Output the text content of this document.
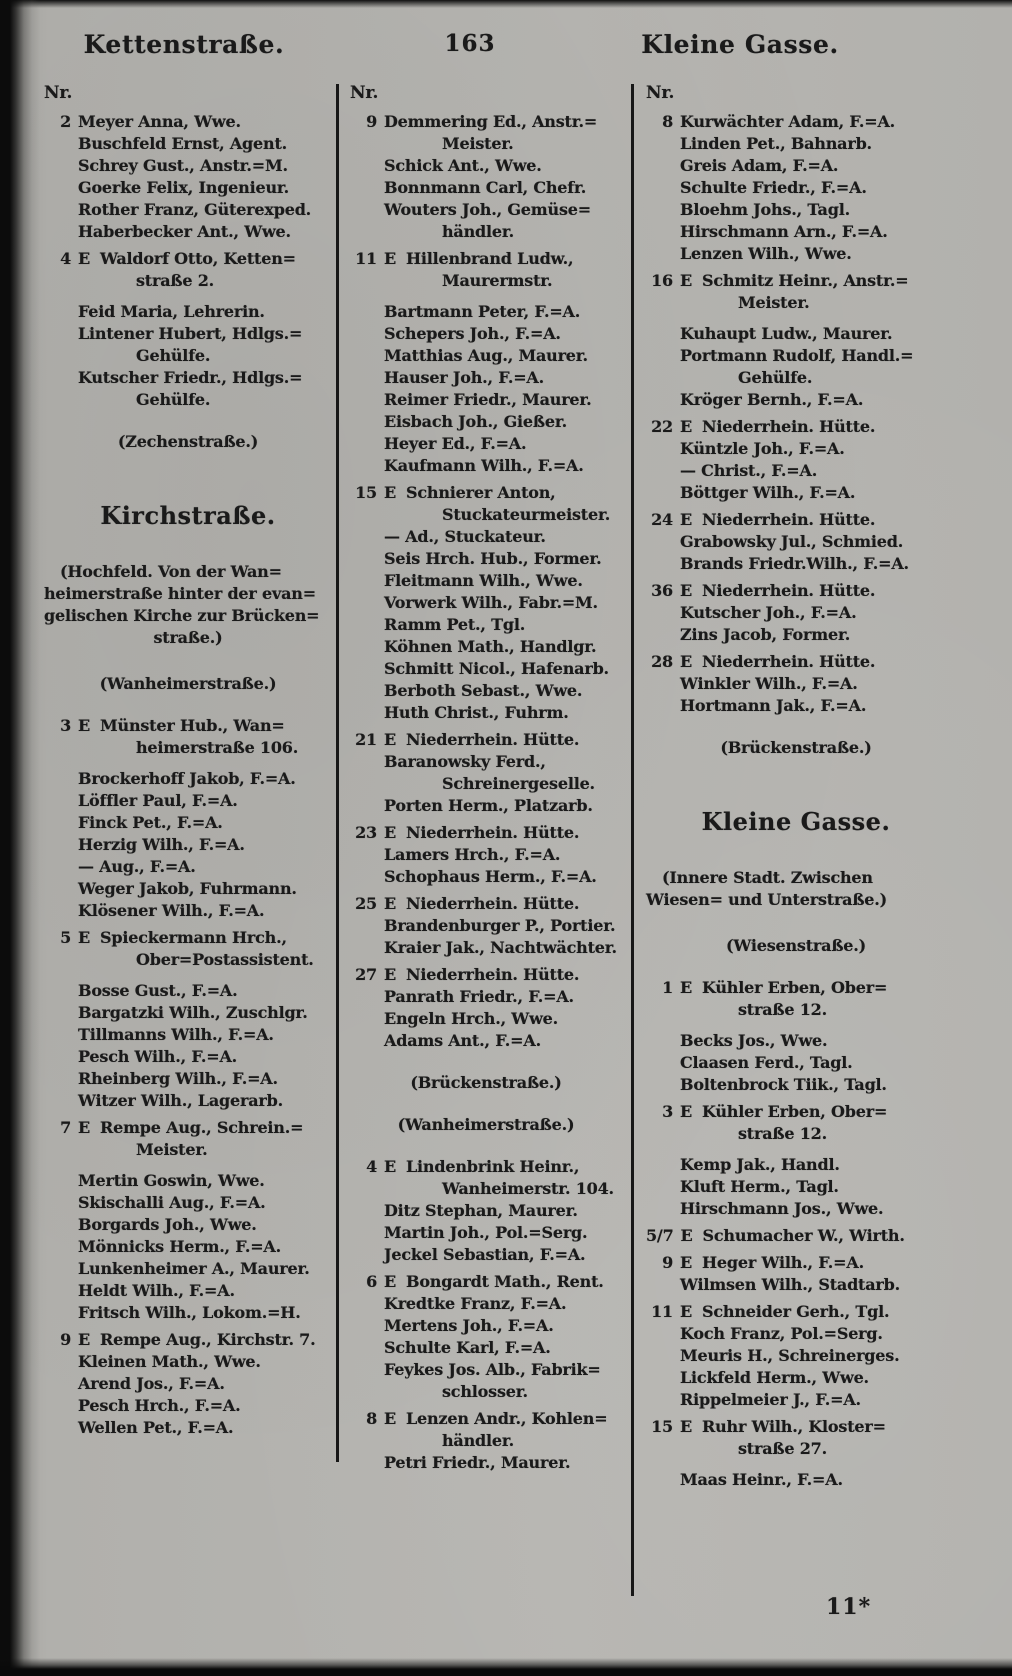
Kettenstraße.	163	Kleine Gasse.
Nr.
2 Meyer Anna, Wwe.
Buschfeld Ernst, Agent.
Schrey Gust., Anstr.=M.
Goerke Felix, Ingenieur.
Rother Franz, Güterexped.
Haberbecker Ant., Wwe.
4 E Waldorf Otto, Ketten=
straße 2.
Feid Maria, Lehrerin.
Lintener Hubert, Hdlgs.=
Gehülfe.
Kutscher Friedr., Hdlgs.=
Gehülfe.
(Zechenstraße.)
Kirchstraße.
(Hochfeld. Von der Wan=
heimerstraße hinter der evan=
gelischen Kirche zur Brücken=
straße.)
(Wanheimerstraße.)
3 E Münster Hub., Wan=
heimerstraße 106.
Brockerhoff Jakob, F.=A.
Löffler Paul, F.=A.
Finck Pet., F.=A.
Herzig Wilh., F.=A.
— Aug., F.=A.
Weger Jakob, Fuhrmann.
Klösener Wilh., F.=A.
5 E Spieckermann Hrch.,
Ober=Postassistent.
Bosse Gust., F.=A.
Bargatzki Wilh., Zuschlgr.
Tillmanns Wilh., F.=A.
Pesch Wilh., F.=A.
Rheinberg Wilh., F.=A.
Witzer Wilh., Lagerarb.
7 E Rempe Aug., Schrein.=
Meister.
Mertin Goswin, Wwe.
Skischalli Aug., F.=A.
Borgards Joh., Wwe.
Mönnicks Herm., F.=A.
Lunkenheimer A., Maurer.
Heldt Wilh., F.=A.
Fritsch Wilh., Lokom.=H.
9 E Rempe Aug., Kirchstr. 7.
Kleinen Math., Wwe.
Arend Jos., F.=A.
Pesch Hrch., F.=A.
Wellen Pet., F.=A.
Nr.
9 Demmering Ed., Anstr.=
Meister.
Schick Ant., Wwe.
Bonnmann Carl, Chefr.
Wouters Joh., Gemüse=
händler.
11 E Hillenbrand Ludw.,
Maurermstr.
Bartmann Peter, F.=A.
Schepers Joh., F.=A.
Matthias Aug., Maurer.
Hauser Joh., F.=A.
Reimer Friedr., Maurer.
Eisbach Joh., Gießer.
Heyer Ed., F.=A.
Kaufmann Wilh., F.=A.
15 E Schnierer Anton,
Stuckateurmeister.
— Ad., Stuckateur.
Seis Hrch. Hub., Former.
Fleitmann Wilh., Wwe.
Vorwerk Wilh., Fabr.=M.
Ramm Pet., Tgl.
Köhnen Math., Handlgr.
Schmitt Nicol., Hafenarb.
Berboth Sebast., Wwe.
Huth Christ., Fuhrm.
21 E Niederrhein. Hütte.
Baranowsky Ferd.,
Schreinergeselle.
Porten Herm., Platzarb.
23 E Niederrhein. Hütte.
Lamers Hrch., F.=A.
Schophaus Herm., F.=A.
25 E Niederrhein. Hütte.
Brandenburger P., Portier.
Kraier Jak., Nachtwächter.
27 E Niederrhein. Hütte.
Panrath Friedr., F.=A.
Engeln Hrch., Wwe.
Adams Ant., F.=A.
(Brückenstraße.)
(Wanheimerstraße.)
4 E Lindenbrink Heinr.,
Wanheimerstr. 104.
Ditz Stephan, Maurer.
Martin Joh., Pol.=Serg.
Jeckel Sebastian, F.=A.
6 E Bongardt Math., Rent.
Kredtke Franz, F.=A.
Mertens Joh., F.=A.
Schulte Karl, F.=A.
Feykes Jos. Alb., Fabrik=
schlosser.
8 E Lenzen Andr., Kohlen=
händler.
Petri Friedr., Maurer.
Nr.
8 Kurwächter Adam, F.=A.
Linden Pet., Bahnarb.
Greis Adam, F.=A.
Schulte Friedr., F.=A.
Bloehm Johs., Tagl.
Hirschmann Arn., F.=A.
Lenzen Wilh., Wwe.
16 E Schmitz Heinr., Anstr.=
Meister.
Kuhaupt Ludw., Maurer.
Portmann Rudolf, Handl.=
Gehülfe.
Kröger Bernh., F.=A.
22 E Niederrhein. Hütte.
Küntzle Joh., F.=A.
— Christ., F.=A.
Böttger Wilh., F.=A.
24 E Niederrhein. Hütte.
Grabowsky Jul., Schmied.
Brands Friedr.Wilh., F.=A.
36 E Niederrhein. Hütte.
Kutscher Joh., F.=A.
Zins Jacob, Former.
28 E Niederrhein. Hütte.
Winkler Wilh., F.=A.
Hortmann Jak., F.=A.
(Brückenstraße.)
Kleine Gasse.
(Innere Stadt. Zwischen
Wiesen= und Unterstraße.)
(Wiesenstraße.)
1 E Kühler Erben, Ober=
straße 12.
Becks Jos., Wwe.
Claasen Ferd., Tagl.
Boltenbrock Tiik., Tagl.
3 E Kühler Erben, Ober=
straße 12.
Kemp Jak., Handl.
Kluft Herm., Tagl.
Hirschmann Jos., Wwe.
5/7 E Schumacher W., Wirth.
9 E Heger Wilh., F.=A.
Wilmsen Wilh., Stadtarb.
11 E Schneider Gerh., Tgl.
Koch Franz, Pol.=Serg.
Meuris H., Schreinerges.
Lickfeld Herm., Wwe.
Rippelmeier J., F.=A.
15 E Ruhr Wilh., Kloster=
straße 27.
Maas Heinr., F.=A.
11*
